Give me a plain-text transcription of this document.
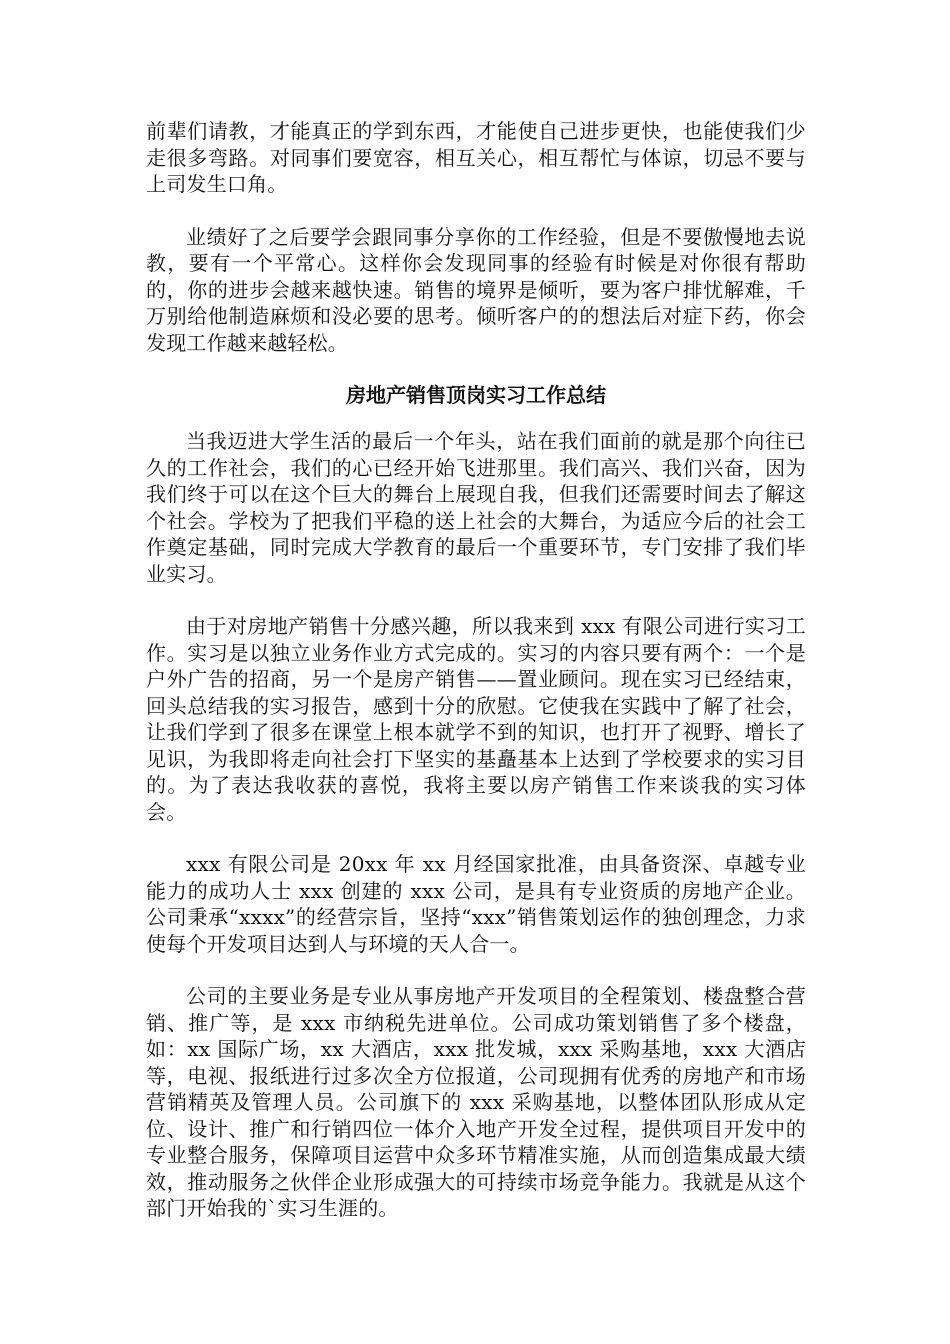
前辈们请教，才能真正的学到东西，才能使自己进步更快，也能使我们少走很多弯路。对同事们要宽容，相互关心，相互帮忙与体谅，切忌不要与上司发生口角。

业绩好了之后要学会跟同事分享你的工作经验，但是不要傲慢地去说教，要有一个平常心。这样你会发现同事的经验有时候是对你很有帮助的，你的进步会越来越快速。销售的境界是倾听，要为客户排忧解难，千万别给他制造麻烦和没必要的思考。倾听客户的的想法后对症下药，你会发现工作越来越轻松。

房地产销售顶岗实习工作总结

当我迈进大学生活的最后一个年头，站在我们面前的就是那个向往已久的工作社会，我们的心已经开始飞进那里。我们高兴、我们兴奋，因为我们终于可以在这个巨大的舞台上展现自我，但我们还需要时间去了解这个社会。学校为了把我们平稳的送上社会的大舞台，为适应今后的社会工作奠定基础，同时完成大学教育的最后一个重要环节，专门安排了我们毕业实习。

由于对房地产销售十分感兴趣，所以我来到 xxx 有限公司进行实习工作。实习是以独立业务作业方式完成的。实习的内容只要有两个：一个是户外广告的招商，另一个是房产销售——置业顾问。现在实习已经结束，回头总结我的实习报告，感到十分的欣慰。它使我在实践中了解了社会，让我们学到了很多在课堂上根本就学不到的知识，也打开了视野、增长了见识，为我即将走向社会打下坚实的基矗基本上达到了学校要求的实习目的。为了表达我收获的喜悦，我将主要以房产销售工作来谈我的实习体会。

xxx 有限公司是 20xx 年 xx 月经国家批准，由具备资深、卓越专业能力的成功人士 xxx 创建的 xxx 公司，是具有专业资质的房地产企业。公司秉承“xxxx”的经营宗旨，坚持“xxx”销售策划运作的独创理念，力求使每个开发项目达到人与环境的天人合一。

公司的主要业务是专业从事房地产开发项目的全程策划、楼盘整合营销、推广等，是 xxx 市纳税先进单位。公司成功策划销售了多个楼盘，如：xx 国际广场，xx 大酒店，xxx 批发城，xxx 采购基地，xxx 大酒店等，电视、报纸进行过多次全方位报道，公司现拥有优秀的房地产和市场营销精英及管理人员。公司旗下的 xxx 采购基地，以整体团队形成从定位、设计、推广和行销四位一体介入地产开发全过程，提供项目开发中的专业整合服务，保障项目运营中众多环节精准实施，从而创造集成最大绩效，推动服务之伙伴企业形成强大的可持续市场竞争能力。我就是从这个部门开始我的`实习生涯的。
